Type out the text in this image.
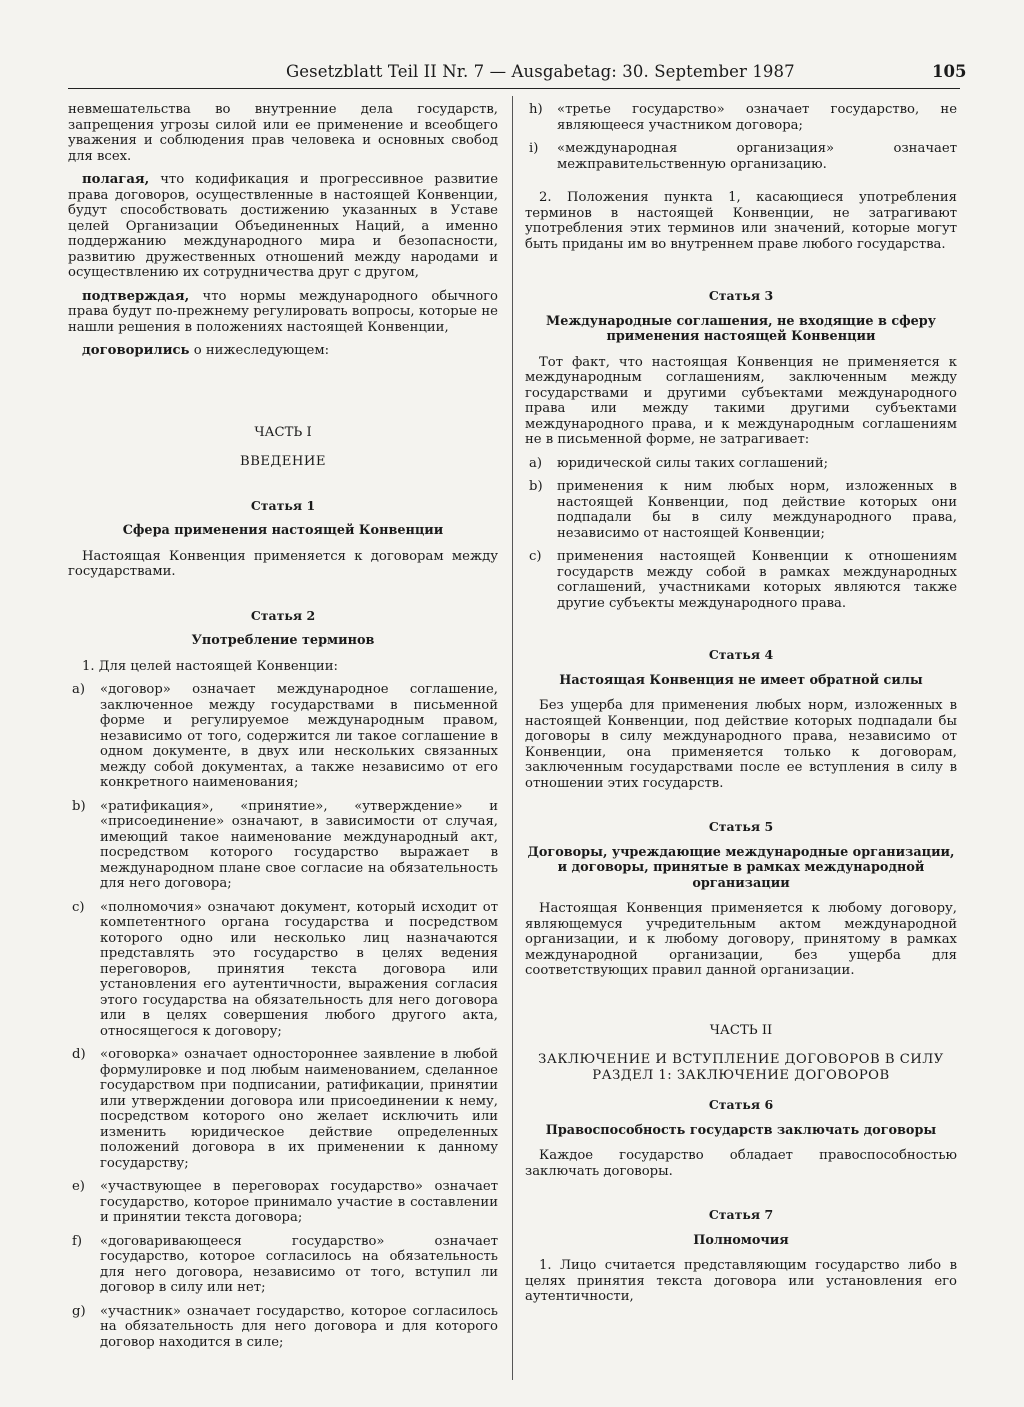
Gesetzblatt Teil II Nr. 7 — Ausgabetag: 30. September 1987	105

невмешательства во внутренние дела государств, запрещения угрозы силой или ее применение и всеобщего уважения и соблюдения прав человека и основных свобод для всех.

полагая, что кодификация и прогрессивное развитие права договоров, осуществленные в настоящей Конвенции, будут способствовать достижению указанных в Уставе целей Организации Объединенных Наций, а именно поддержанию международного мира и безопасности, развитию дружественных отношений между народами и осуществлению их сотрудничества друг с другом,

подтверждая, что нормы международного обычного права будут по-прежнему регулировать вопросы, которые не нашли решения в положениях настоящей Конвенции,

договорились о нижеследующем:

ЧАСТЬ I

ВВЕДЕНИЕ

Статья 1

Сфера применения настоящей Конвенции

Настоящая Конвенция применяется к договорам между государствами.

Статья 2

Употребление терминов

1. Для целей настоящей Конвенции:

a)	«договор» означает международное соглашение, заключенное между государствами в письменной форме и регулируемое международным правом, независимо от того, содержится ли такое соглашение в одном документе, в двух или нескольких связанных между собой документах, а также независимо от его конкретного наименования;
b)	«ратификация», «принятие», «утверждение» и «присоединение» означают, в зависимости от случая, имеющий такое наименование международный акт, посредством которого государство выражает в международном плане свое согласие на обязательность для него договора;
c)	«полномочия» означают документ, который исходит от компетентного органа государства и посредством которого одно или несколько лиц назначаются представлять это государство в целях ведения переговоров, принятия текста договора или установления его аутентичности, выражения согласия этого государства на обязательность для него договора или в целях совершения любого другого акта, относящегося к договору;
d)	«оговорка» означает одностороннее заявление в любой формулировке и под любым наименованием, сделанное государством при подписании, ратификации, принятии или утверждении договора или присоединении к нему, посредством которого оно желает исключить или изменить юридическое действие определенных положений договора в их применении к данному государству;
e)	«участвующее в переговорах государство» означает государство, которое принимало участие в составлении и принятии текста договора;
f)	«договаривающееся государство» означает государство, которое согласилось на обязательность для него договора, независимо от того, вступил ли договор в силу или нет;
g)	«участник» означает государство, которое согласилось на обязательность для него договора и для которого договор находится в силе;
h)	«третье государство» означает государство, не являющееся участником договора;
i)	«международная организация» означает межправительственную организацию.

2. Положения пункта 1, касающиеся употребления терминов в настоящей Конвенции, не затрагивают употребления этих терминов или значений, которые могут быть приданы им во внутреннем праве любого государства.

Статья 3

Международные соглашения, не входящие в сферу

применения настоящей Конвенции

Тот факт, что настоящая Конвенция не применяется к международным соглашениям, заключенным между государствами и другими субъектами международного права или между такими другими субъектами международного права, и к международным соглашениям не в письменной форме, не затрагивает:

a)	юридической силы таких соглашений;
b)	применения к ним любых норм, изложенных в настоящей Конвенции, под действие которых они подпадали бы в силу международного права, независимо от настоящей Конвенции;
c)	применения настоящей Конвенции к отношениям государств между собой в рамках международных соглашений, участниками которых являются также другие субъекты международного права.

Статья 4

Настоящая Конвенция не имеет обратной силы

Без ущерба для применения любых норм, изложенных в настоящей Конвенции, под действие которых подпадали бы договоры в силу международного права, независимо от Конвенции, она применяется только к договорам, заключенным государствами после ее вступления в силу в отношении этих государств.

Статья 5

Договоры, учреждающие международные организации,

и договоры, принятые в рамках международной организации

Настоящая Конвенция применяется к любому договору, являющемуся учредительным актом международной организации, и к любому договору, принятому в рамках международной организации, без ущерба для соответствующих правил данной организации.

ЧАСТЬ II

ЗАКЛЮЧЕНИЕ И ВСТУПЛЕНИЕ ДОГОВОРОВ В СИЛУ

РАЗДЕЛ 1: ЗАКЛЮЧЕНИЕ ДОГОВОРОВ

Статья 6

Правоспособность государств заключать договоры

Каждое государство обладает правоспособностью заключать договоры.

Статья 7

Полномочия

1. Лицо считается представляющим государство либо в целях принятия текста договора или установления его аутентичности,
